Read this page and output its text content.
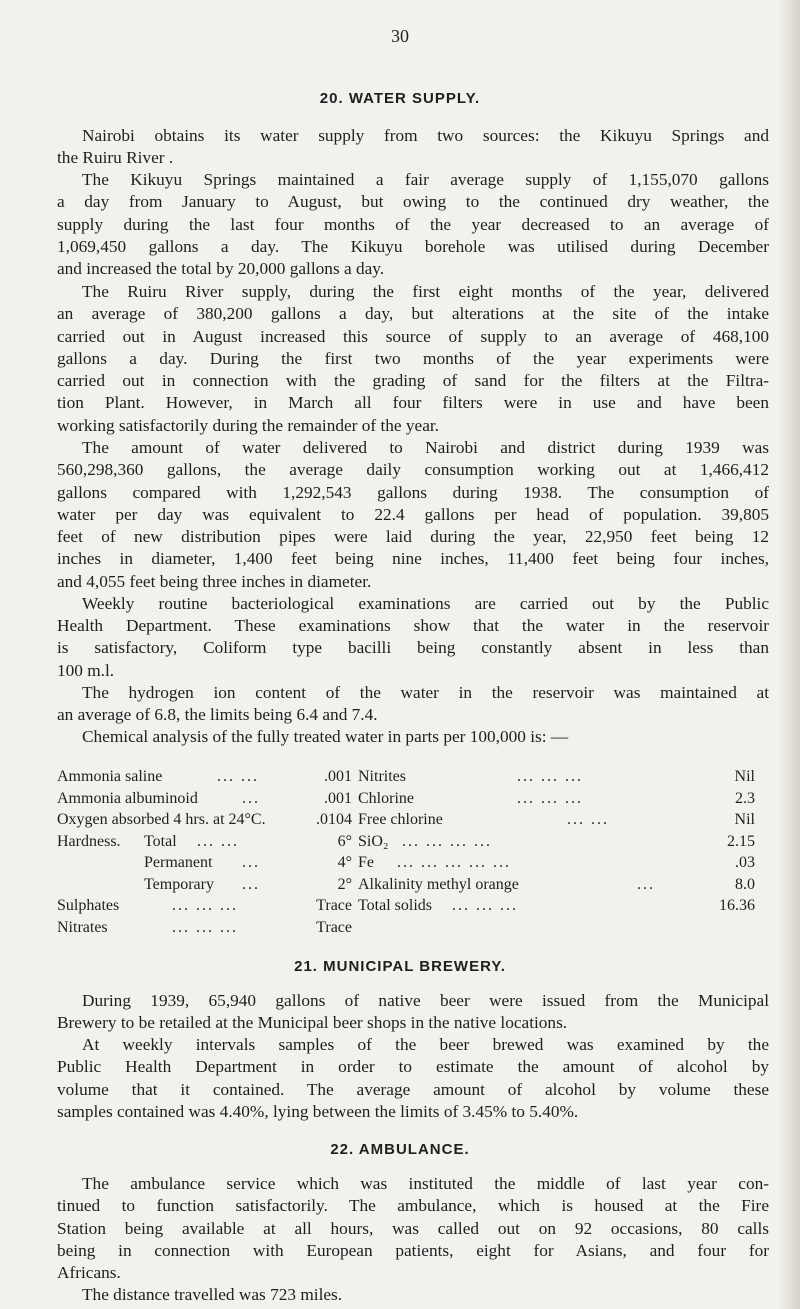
30
20. WATER SUPPLY.
Nairobi obtains its water supply from two sources: the Kikuyu Springs and
the Ruiru River .
The Kikuyu Springs maintained a fair average supply of 1,155,070 gallons
a day from January to August, but owing to the continued dry weather, the
supply during the last four months of the year decreased to an average of
1,069,450 gallons a day. The Kikuyu borehole was utilised during December
and increased the total by 20,000 gallons a day.
The Ruiru River supply, during the first eight months of the year, delivered
an average of 380,200 gallons a day, but alterations at the site of the intake
carried out in August increased this source of supply to an average of 468,100
gallons a day. During the first two months of the year experiments were
carried out in connection with the grading of sand for the filters at the Filtra-
tion Plant. However, in March all four filters were in use and have been
working satisfactorily during the remainder of the year.
The amount of water delivered to Nairobi and district during 1939 was
560,298,360 gallons, the average daily consumption working out at 1,466,412
gallons compared with 1,292,543 gallons during 1938. The consumption of
water per day was equivalent to 22.4 gallons per head of population. 39,805
feet of new distribution pipes were laid during the year, 22,950 feet being 12
inches in diameter, 1,400 feet being nine inches, 11,400 feet being four inches,
and 4,055 feet being three inches in diameter.
Weekly routine bacteriological examinations are carried out by the Public
Health Department. These examinations show that the water in the reservoir
is satisfactory, Coliform type bacilli being constantly absent in less than
100 m.l.
The hydrogen ion content of the water in the reservoir was maintained at
an average of 6.8, the limits being 6.4 and 7.4.
Chemical analysis of the fully treated water in parts per 100,000 is: —
Ammonia saline	... ...	.001 Nitrites	... ... ...	Nil
Ammonia albuminoid	...	.001 Chlorine	... ... ...	2.3
Oxygen absorbed 4 hrs. at 24°C.	.0104 Free chlorine	... ...	Nil
Hardness. Total ... ...	6° SiO₂ ... ... ... ...	2.15
Permanent ...	4° Fe ... ... ... ... ...	.03
Temporary ...	2° Alkalinity methyl orange	...	8.0
Sulphates	... ... ...	Trace Total solids ... ... ...	16.36
Nitrates	... ... ...	Trace
21. MUNICIPAL BREWERY.
During 1939, 65,940 gallons of native beer were issued from the Municipal
Brewery to be retailed at the Municipal beer shops in the native locations.
At weekly intervals samples of the beer brewed was examined by the
Public Health Department in order to estimate the amount of alcohol by
volume that it contained. The average amount of alcohol by volume these
samples contained was 4.40%, lying between the limits of 3.45% to 5.40%.
22. AMBULANCE.
The ambulance service which was instituted the middle of last year con-
tinued to function satisfactorily. The ambulance, which is housed at the Fire
Station being available at all hours, was called out on 92 occasions, 80 calls
being in connection with European patients, eight for Asians, and four for
Africans.
The distance travelled was 723 miles.
